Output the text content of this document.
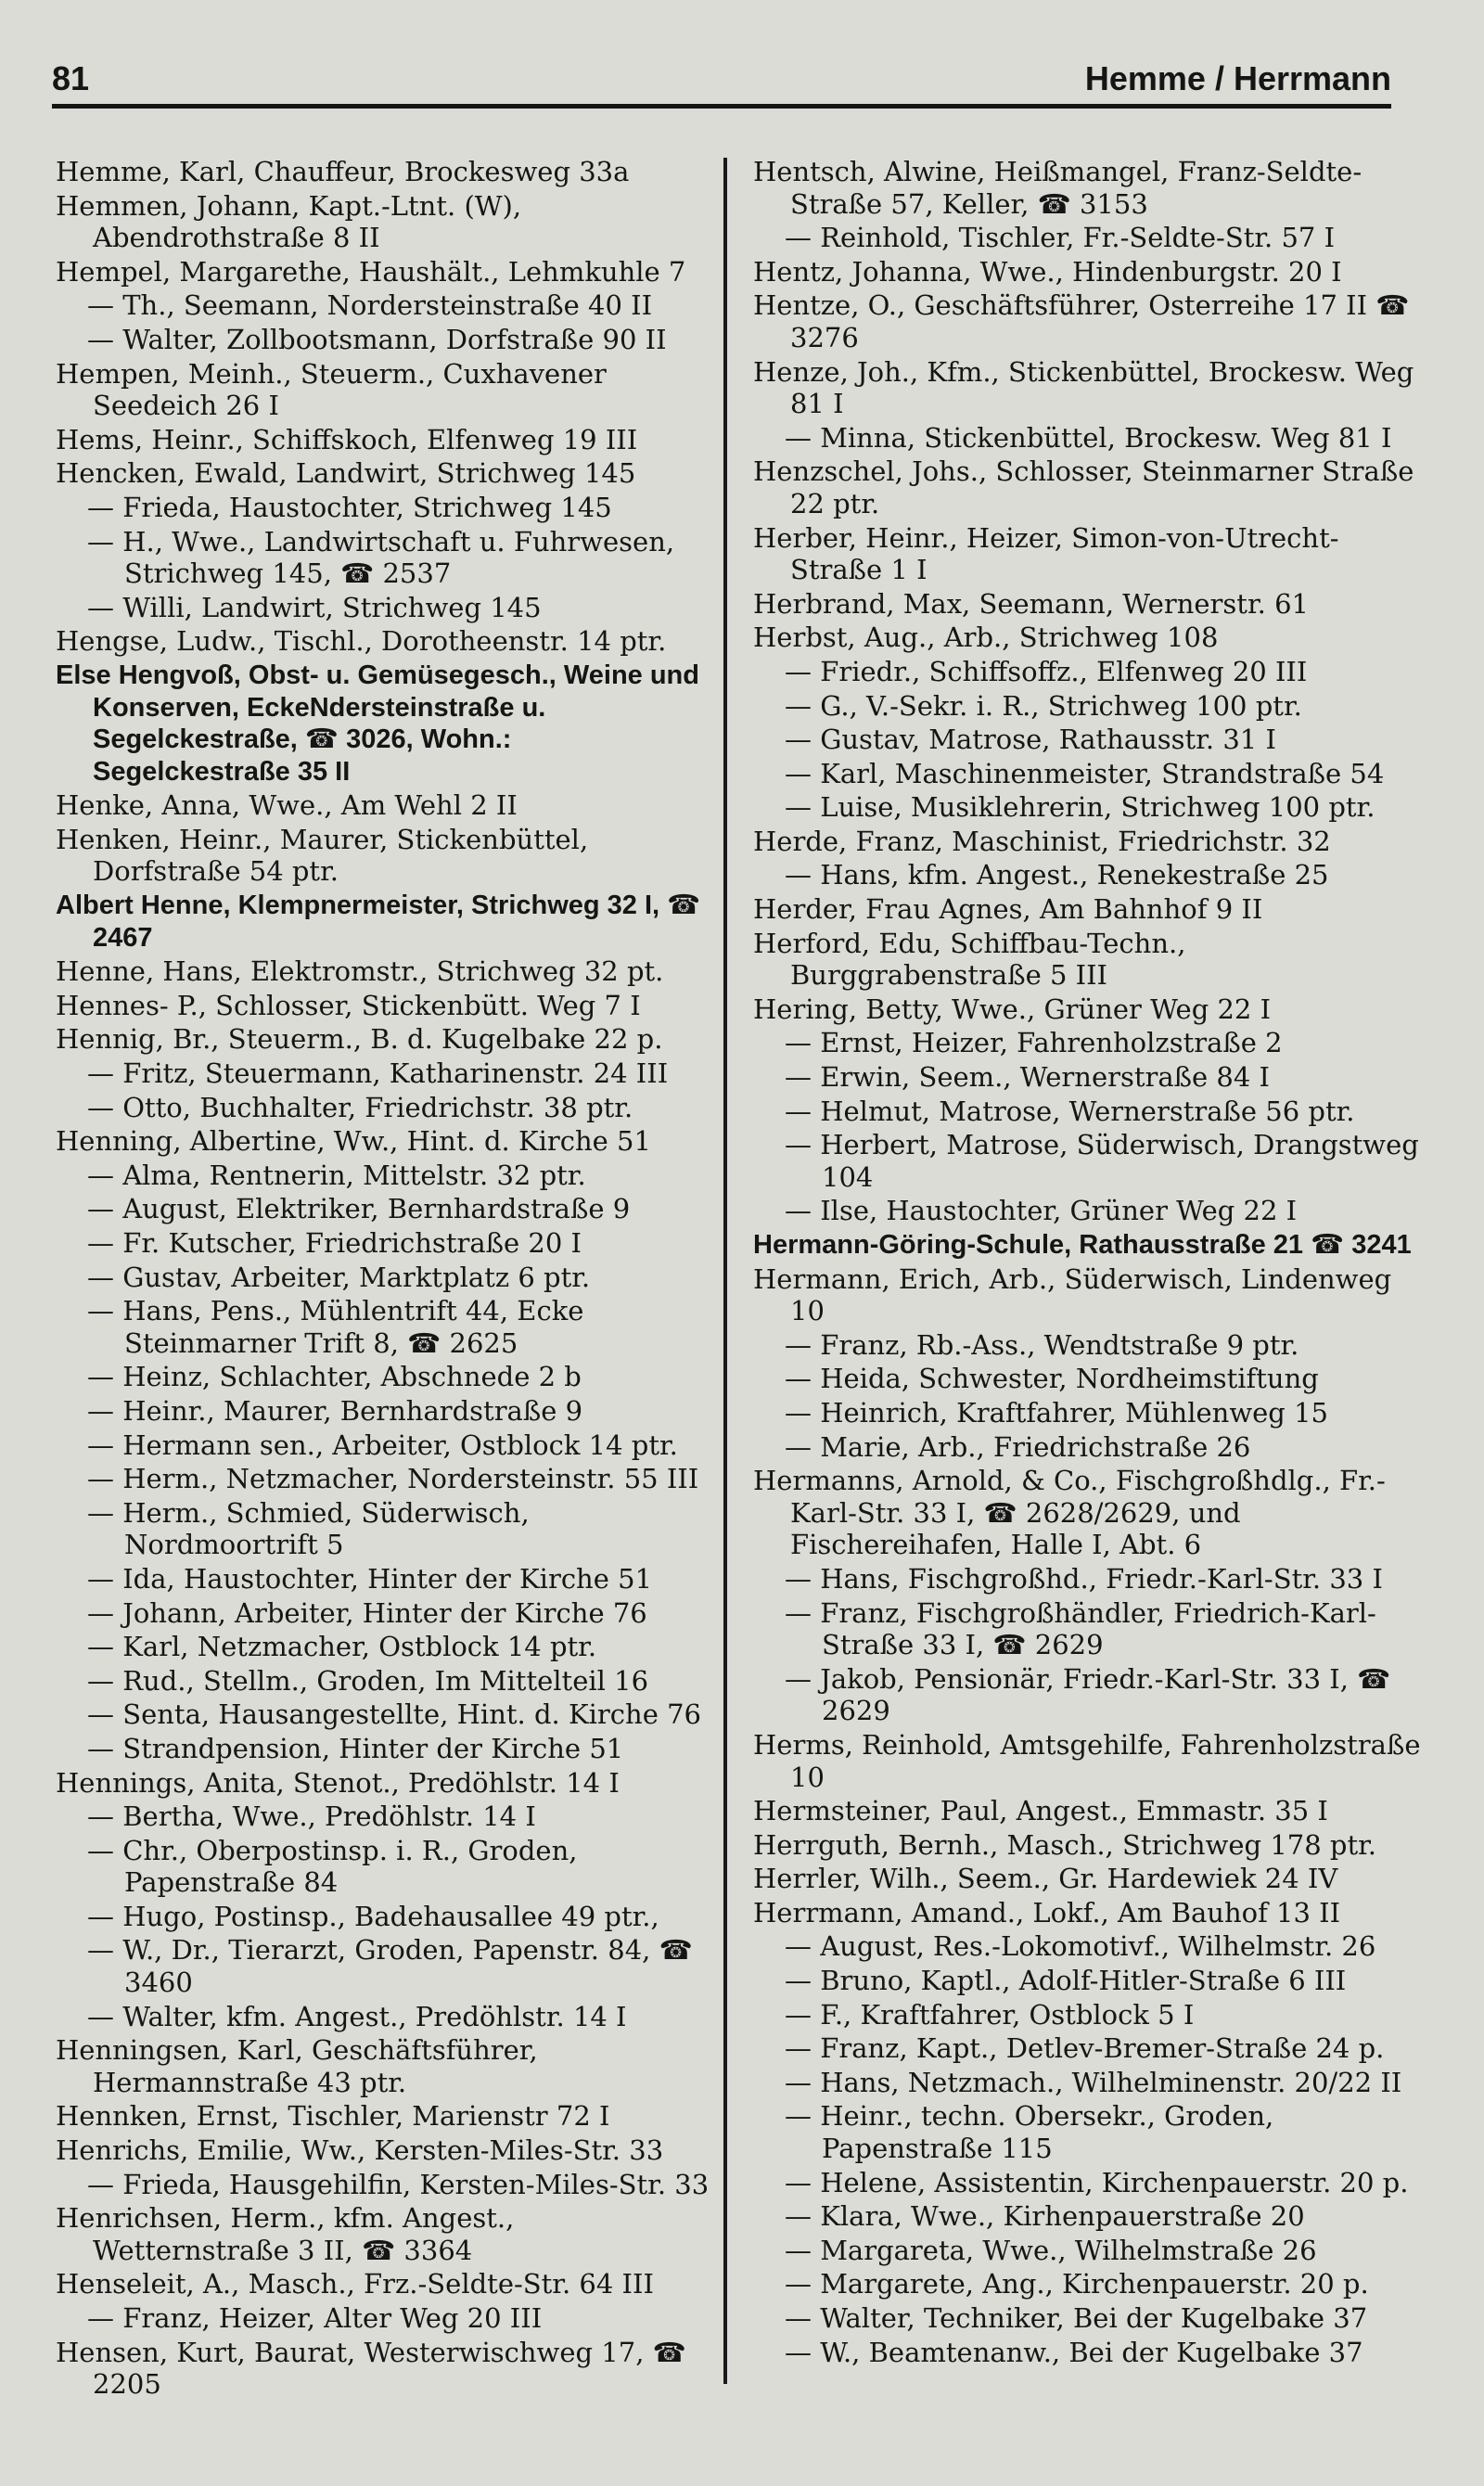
81	Hemme / Herrmann
Hemme, Karl, Chauffeur, Brockesweg 33a
Hemmen, Johann, Kapt.-Ltnt. (W), Abendrothstraße 8 II
Hempel, Margarethe, Haushält., Lehmkuhle 7
— Th., Seemann, Norderstеinstraße 40 II
— Walter, Zollbootsmann, Dorfstraße 90 II
Hempen, Meinh., Steuerm., Cuxhavener Seedeich 26 I
Hems, Heinr., Schiffskoch, Elfenweg 19 III
Hencken, Ewald, Landwirt, Strichweg 145
— Frieda, Haustochter, Strichweg 145
— H., Wwe., Landwirtschaft u. Fuhrwesen, Strichweg 145, ☎ 2537
— Willi, Landwirt, Strichweg 145
Hengse, Ludw., Tischl., Dorotheenstr. 14 ptr.
Else Hengvoß, Obst- u. Gemüsegesch., Weine und Konserven, EckeNdersteinstraße u. Segelckestraße, ☎ 3026, Wohn.: Segelckestraße 35 II
Henke, Anna, Wwe., Am Wehl 2 II
Henken, Heinr., Maurer, Stickenbüttel, Dorfstraße 54 ptr.
Albert Henne, Klempnermeister, Strichweg 32 I, ☎ 2467
Henne, Hans, Elektromstr., Strichweg 32 pt.
Hennes- P., Schlosser, Stickenbütt. Weg 7 I
Hennig, Br., Steuerm., B. d. Kugelbake 22 p.
— Fritz, Steuermann, Katharinenstr. 24 III
— Otto, Buchhalter, Friedrichstr. 38 ptr.
Henning, Albertine, Ww., Hint. d. Kirche 51
— Alma, Rentnerin, Mittelstr. 32 ptr.
— August, Elektriker, Bernhardstraße 9
— Fr. Kutscher, Friedrichstraße 20 I
— Gustav, Arbeiter, Marktplatz 6 ptr.
— Hans, Pens., Mühlentrift 44, Ecke Steinmarner Trift 8, ☎ 2625
— Heinz, Schlachter, Abschnede 2 b
— Heinr., Maurer, Bernhardstraße 9
— Hermann sen., Arbeiter, Ostblock 14 ptr.
— Herm., Netzmacher, Norderstеinstr. 55 III
— Herm., Schmied, Süderwisch, Nordmoortrift 5
— Ida, Haustochter, Hinter der Kirche 51
— Johann, Arbeiter, Hinter der Kirche 76
— Karl, Netzmacher, Ostblock 14 ptr.
— Rud., Stellm., Groden, Im Mittelteil 16
— Senta, Hausangestellte, Hint. d. Kirche 76
— Strandpension, Hinter der Kirche 51
Hennings, Anita, Stenot., Predöhlstr. 14 I
— Bertha, Wwe., Predöhlstr. 14 I
— Chr., Oberpostinsp. i. R., Groden, Papenstraße 84
— Hugo, Postinsp., Badehausallee 49 ptr.,
— W., Dr., Tierarzt, Groden, Papenstr. 84, ☎ 3460
— Walter, kfm. Angest., Predöhlstr. 14 I
Henningsen, Karl, Geschäftsführer, Hermannstraße 43 ptr.
Hennken, Ernst, Tischler, Marienstr 72 I
Henrichs, Emilie, Ww., Kersten-Miles-Str. 33
— Frieda, Hausgehilfin, Kersten-Miles-Str. 33
Henrichsen, Herm., kfm. Angest., Wetternstraße 3 II, ☎ 3364
Henseleit, A., Masch., Frz.-Seldte-Str. 64 III
— Franz, Heizer, Alter Weg 20 III
Hensen, Kurt, Baurat, Westerwischweg 17, ☎ 2205
Hentsch, Alwine, Heißmangel, Franz-Seldte-Straße 57, Keller, ☎ 3153
— Reinhold, Tischler, Fr.-Seldte-Str. 57 I
Hentz, Johanna, Wwe., Hindenburgstr. 20 I
Hentze, O., Geschäftsführer, Osterreihe 17 II ☎ 3276
Henze, Joh., Kfm., Stickenbüttel, Brockesw. Weg 81 I
— Minna, Stickenbüttel, Brockesw. Weg 81 I
Henzschel, Johs., Schlosser, Steinmarner Straße 22 ptr.
Herber, Heinr., Heizer, Simon-von-Utrecht-Straße 1 I
Herbrand, Max, Seemann, Wernerstr. 61
Herbst, Aug., Arb., Strichweg 108
— Friedr., Schiffsoffz., Elfenweg 20 III
— G., V.-Sekr. i. R., Strichweg 100 ptr.
— Gustav, Matrose, Rathausstr. 31 I
— Karl, Maschinenmeister, Strandstraße 54
— Luise, Musiklehrerin, Strichweg 100 ptr.
Herde, Franz, Maschinist, Friedrichstr. 32
— Hans, kfm. Angest., Renekestraße 25
Herder, Frau Agnes, Am Bahnhof 9 II
Herford, Edu, Schiffbau-Techn., Burggrabenstraße 5 III
Hering, Betty, Wwe., Grüner Weg 22 I
— Ernst, Heizer, Fahrenholzstraße 2
— Erwin, Seem., Wernerstraße 84 I
— Helmut, Matrose, Wernerstraße 56 ptr.
— Herbert, Matrose, Süderwisch, Drangstweg 104
— Ilse, Haustochter, Grüner Weg 22 I
Hermann-Göring-Schule, Rathausstraße 21 ☎ 3241
Hermann, Erich, Arb., Süderwisch, Lindenweg 10
— Franz, Rb.-Ass., Wendtstraße 9 ptr.
— Heida, Schwester, Nordheimstiftung
— Heinrich, Kraftfahrer, Mühlenweg 15
— Marie, Arb., Friedrichstraße 26
Hermanns, Arnold, & Co., Fischgroßhdlg., Fr.-Karl-Str. 33 I, ☎ 2628/2629, und Fischereihafen, Halle I, Abt. 6
— Hans, Fischgroßhd., Friedr.-Karl-Str. 33 I
— Franz, Fischgroßhändler, Friedrich-Karl-Straße 33 I, ☎ 2629
— Jakob, Pensionär, Friedr.-Karl-Str. 33 I, ☎ 2629
Herms, Reinhold, Amtsgehilfe, Fahrenholzstraße 10
Hermsteiner, Paul, Angest., Emmastr. 35 I
Herrguth, Bernh., Masch., Strichweg 178 ptr.
Herrler, Wilh., Seem., Gr. Hardewiek 24 IV
Herrmann, Amand., Lokf., Am Bauhof 13 II
— August, Res.-Lokomotivf., Wilhelmstr. 26
— Bruno, Kaptl., Adolf-Hitler-Straße 6 III
— F., Kraftfahrer, Ostblock 5 I
— Franz, Kapt., Detlev-Bremer-Straße 24 p.
— Hans, Netzmach., Wilhelminenstr. 20/22 II
— Heinr., techn. Obersekr., Groden, Papenstraße 115
— Helene, Assistentin, Kirchenpauerstr. 20 p.
— Klara, Wwe., Kirhenpauerstraße 20
— Margareta, Wwe., Wilhelmstraße 26
— Margarete, Ang., Kirchenpauerstr. 20 p.
— Walter, Techniker, Bei der Kugelbake 37
— W., Beamtenanw., Bei der Kugelbake 37
